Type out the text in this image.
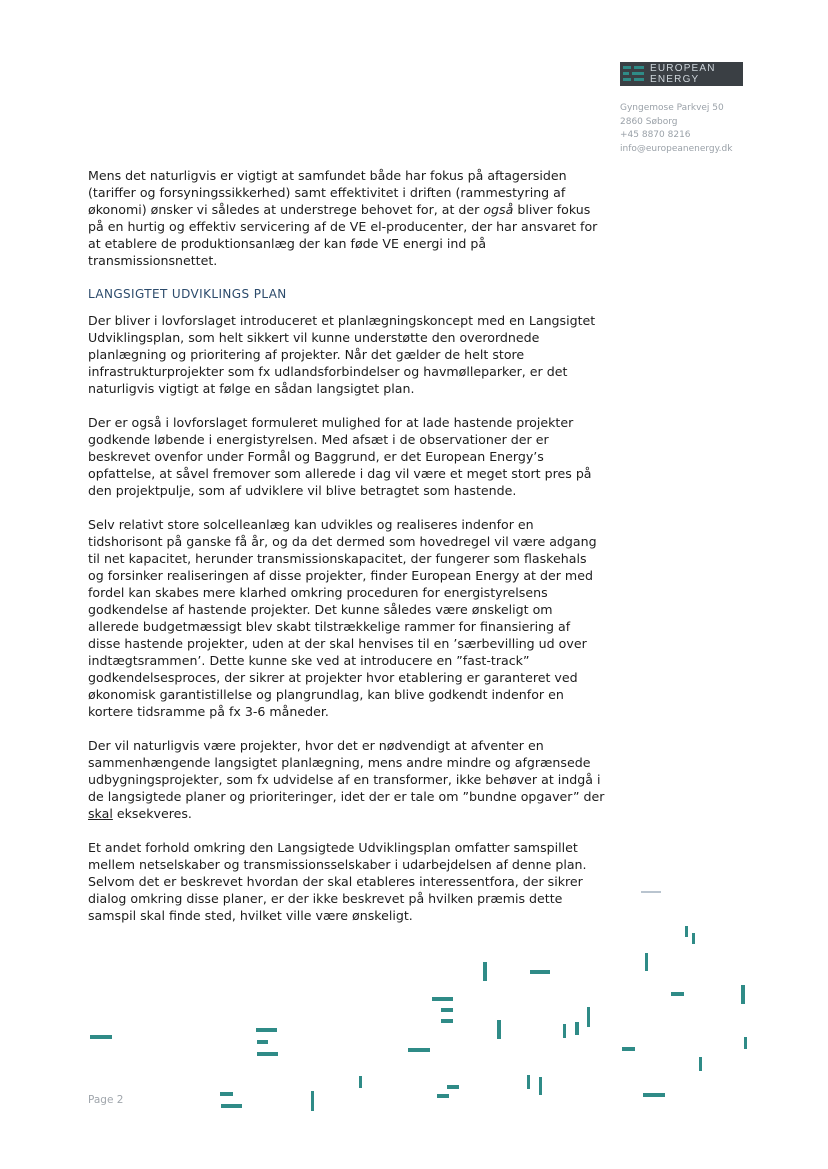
EUROPEAN
ENERGY
Gyngemose Parkvej 50
2860 Søborg
+45 8870 8216
info@europeanenergy.dk

Mens det naturligvis er vigtigt at samfundet både har fokus på aftagersiden
(tariffer og forsyningssikkerhed) samt effektivitet i driften (rammestyring af
økonomi) ønsker vi således at understrege behovet for, at der også bliver fokus
på en hurtig og effektiv servicering af de VE el-producenter, der har ansvaret for
at etablere de produktionsanlæg der kan føde VE energi ind på
transmissionsnettet.

LANGSIGTET UDVIKLINGS PLAN

Der bliver i lovforslaget introduceret et planlægningskoncept med en Langsigtet
Udviklingsplan, som helt sikkert vil kunne understøtte den overordnede
planlægning og prioritering af projekter. Når det gælder de helt store
infrastrukturprojekter som fx udlandsforbindelser og havmølleparker, er det
naturligvis vigtigt at følge en sådan langsigtet plan.

Der er også i lovforslaget formuleret mulighed for at lade hastende projekter
godkende løbende i energistyrelsen. Med afsæt i de observationer der er
beskrevet ovenfor under Formål og Baggrund, er det European Energy’s
opfattelse, at såvel fremover som allerede i dag vil være et meget stort pres på
den projektpulje, som af udviklere vil blive betragtet som hastende.

Selv relativt store solcelleanlæg kan udvikles og realiseres indenfor en
tidshorisont på ganske få år, og da det dermed som hovedregel vil være adgang
til net kapacitet, herunder transmissionskapacitet, der fungerer som flaskehals
og forsinker realiseringen af disse projekter, finder European Energy at der med
fordel kan skabes mere klarhed omkring proceduren for energistyrelsens
godkendelse af hastende projekter. Det kunne således være ønskeligt om
allerede budgetmæssigt blev skabt tilstrækkelige rammer for finansiering af
disse hastende projekter, uden at der skal henvises til en ’særbevilling ud over
indtægtsrammen’. Dette kunne ske ved at introducere en ”fast-track”
godkendelsesproces, der sikrer at projekter hvor etablering er garanteret ved
økonomisk garantistillelse og plangrundlag, kan blive godkendt indenfor en
kortere tidsramme på fx 3-6 måneder.

Der vil naturligvis være projekter, hvor det er nødvendigt at afventer en
sammenhængende langsigtet planlægning, mens andre mindre og afgrænsede
udbygningsprojekter, som fx udvidelse af en transformer, ikke behøver at indgå i
de langsigtede planer og prioriteringer, idet der er tale om ”bundne opgaver” der
skal eksekveres.

Et andet forhold omkring den Langsigtede Udviklingsplan omfatter samspillet
mellem netselskaber og transmissionsselskaber i udarbejdelsen af denne plan.
Selvom det er beskrevet hvordan der skal etableres interessentfora, der sikrer
dialog omkring disse planer, er der ikke beskrevet på hvilken præmis dette
samspil skal finde sted, hvilket ville være ønskeligt.

Page 2
